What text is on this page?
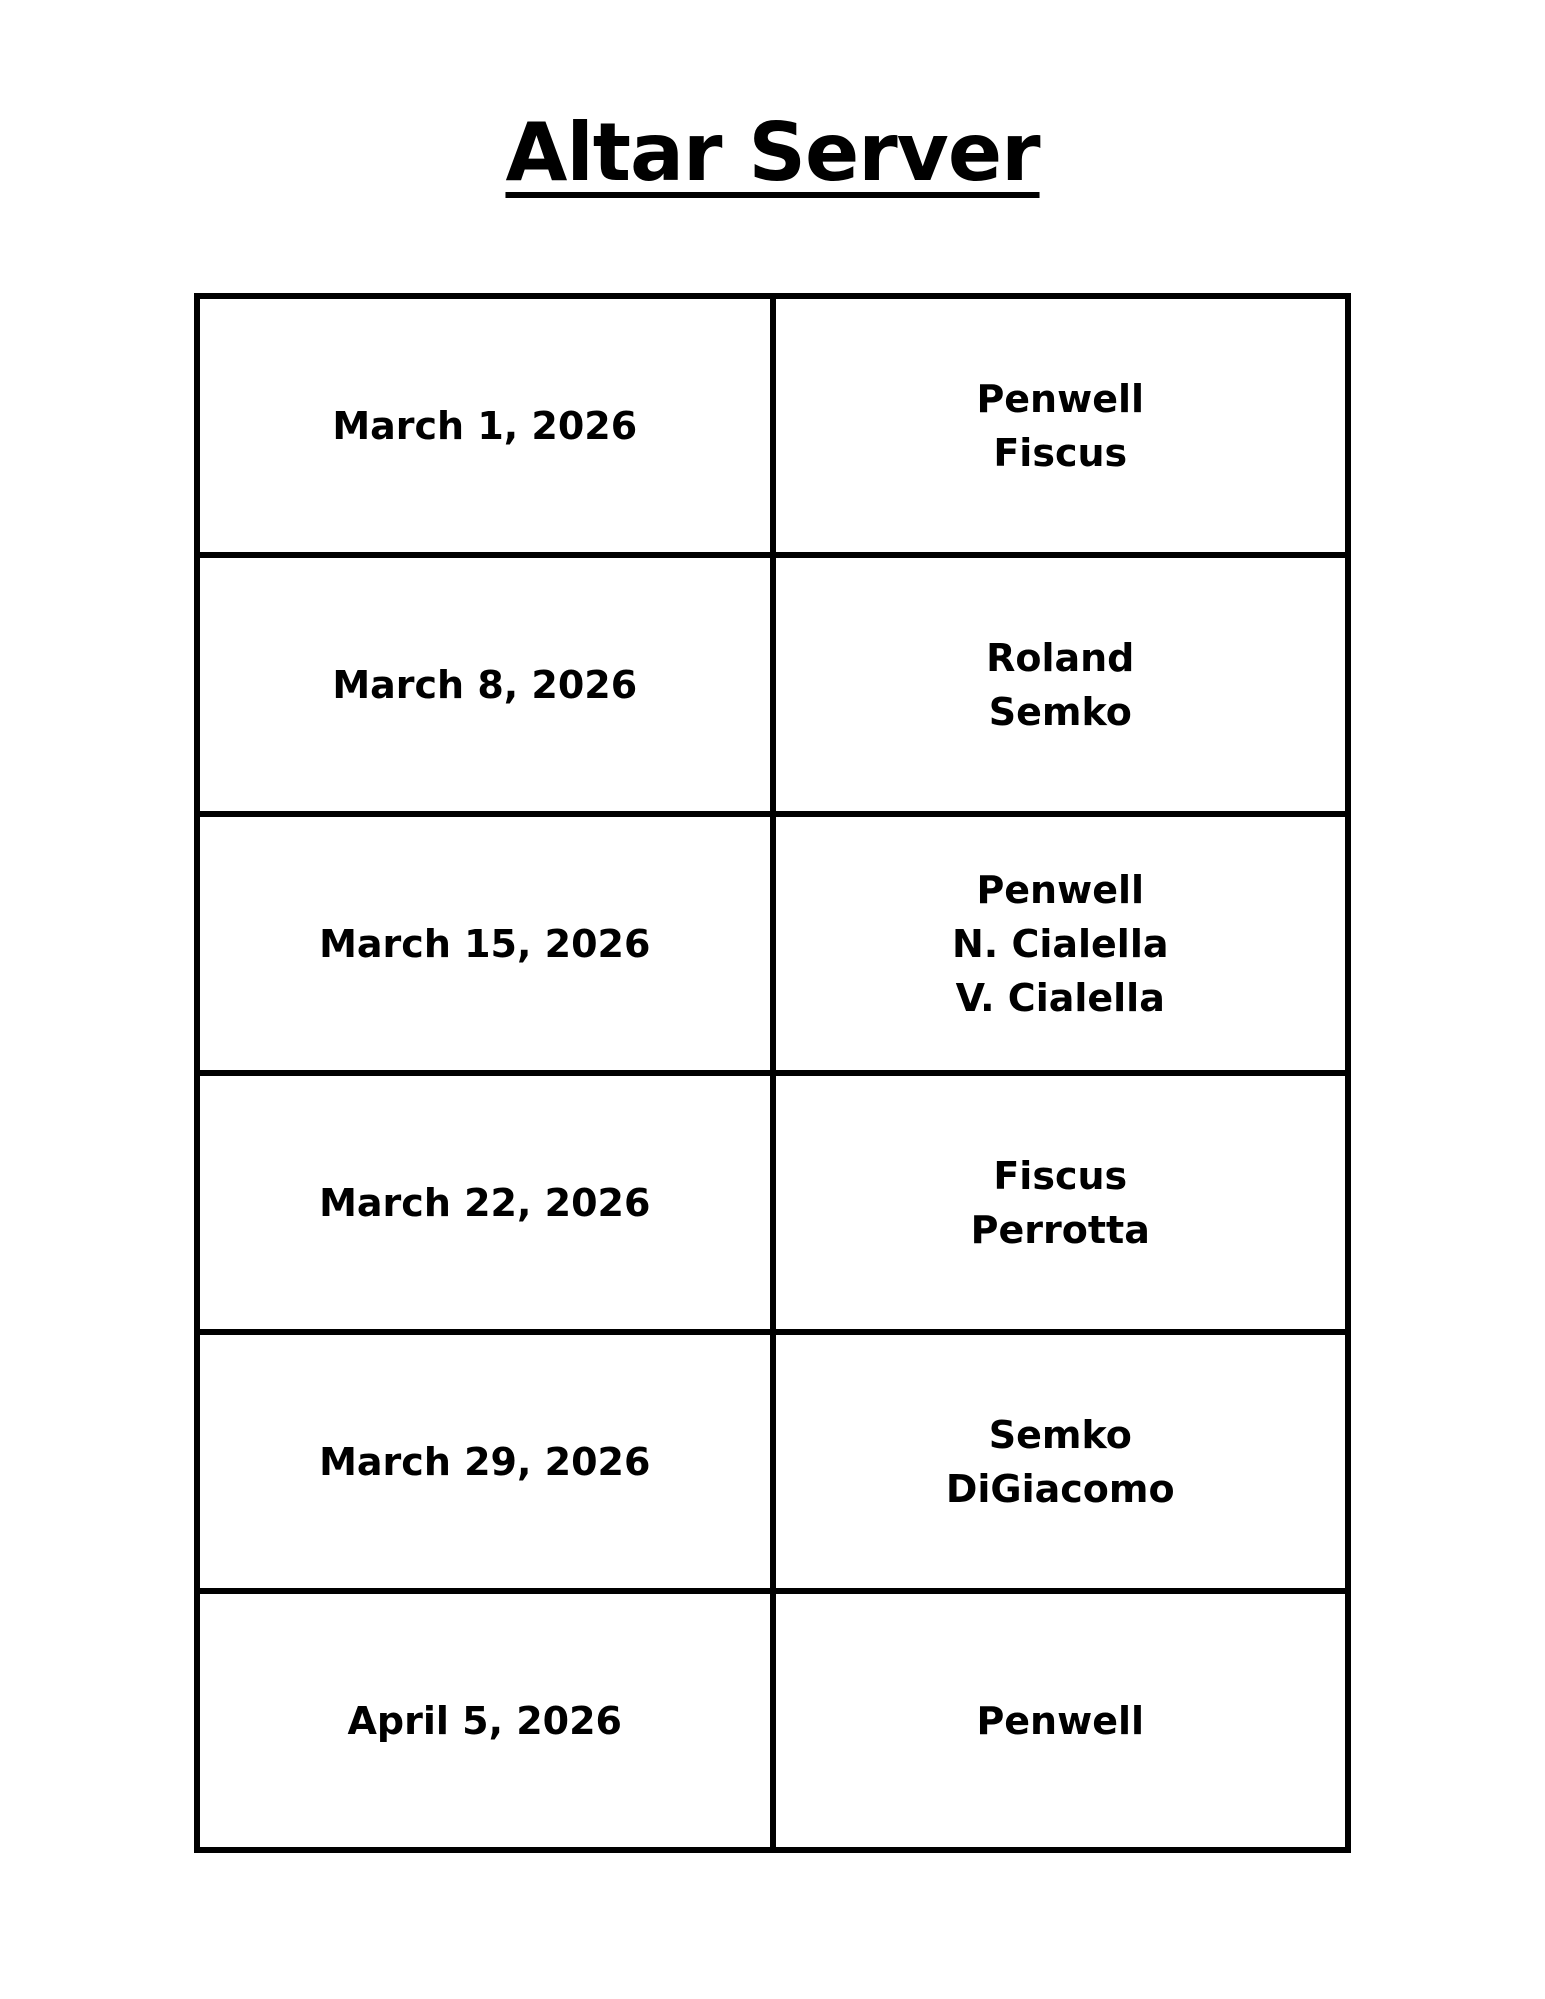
Altar Server
March 1, 2026	Penwell
Fiscus

March 8, 2026	Roland
Semko

March 15, 2026	Penwell
N. Cialella
V. Cialella

March 22, 2026	Fiscus
Perrotta

March 29, 2026	Semko
DiGiacomo

April 5, 2026	Penwell
